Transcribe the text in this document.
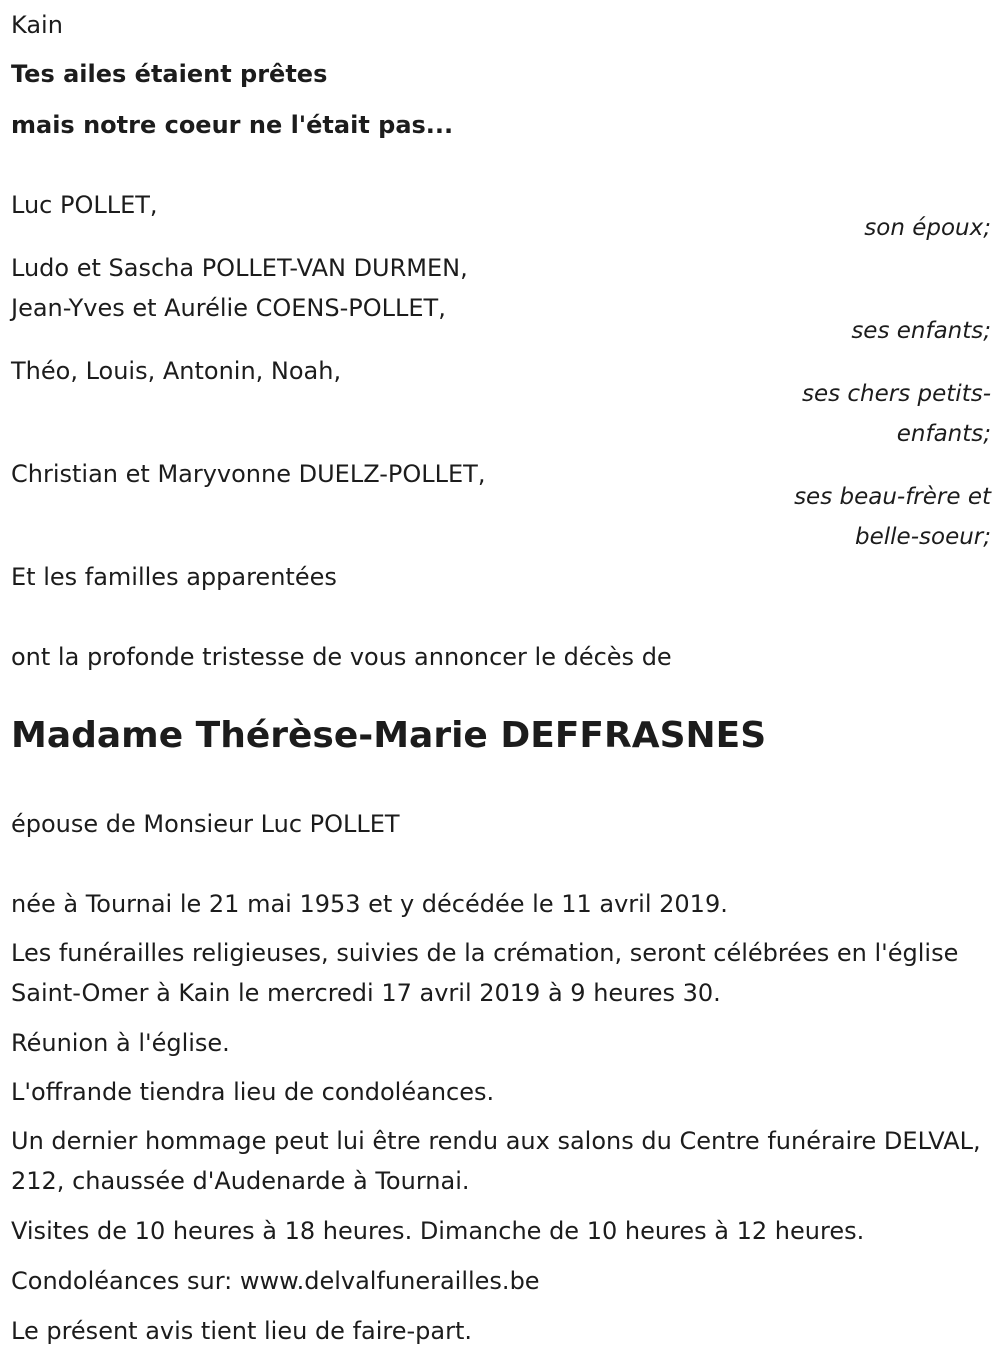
Kain
Tes ailes étaient prêtes
mais notre coeur ne l'était pas...
Luc POLLET,
son époux;
Ludo et Sascha POLLET-VAN DURMEN,
Jean-Yves et Aurélie COENS-POLLET,
ses enfants;
Théo, Louis, Antonin, Noah,
ses chers petits-
enfants;
Christian et Maryvonne DUELZ-POLLET,
ses beau-frère et
belle-soeur;
Et les familles apparentées
ont la profonde tristesse de vous annoncer le décès de
Madame Thérèse-Marie DEFFRASNES
épouse de Monsieur Luc POLLET
née à Tournai le 21 mai 1953 et y décédée le 11 avril 2019.
Les funérailles religieuses, suivies de la crémation, seront célébrées en l'église Saint-Omer à Kain le mercredi 17 avril 2019 à 9 heures 30.
Réunion à l'église.
L'offrande tiendra lieu de condoléances.
Un dernier hommage peut lui être rendu aux salons du Centre funéraire DELVAL, 212, chaussée d'Audenarde à Tournai.
Visites de 10 heures à 18 heures. Dimanche de 10 heures à 12 heures.
Condoléances sur: www.delvalfunerailles.be
Le présent avis tient lieu de faire-part.
